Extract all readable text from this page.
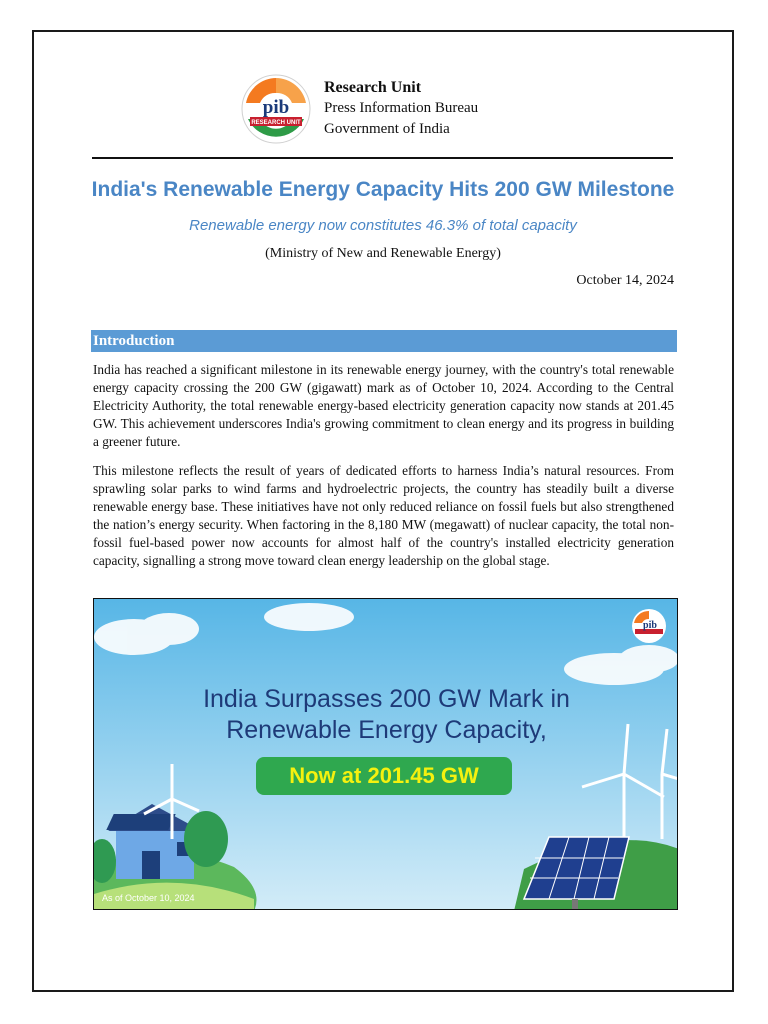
RESEARCH UNIT
pib
Research Unit
Press Information Bureau
Government of India
India's Renewable Energy Capacity Hits 200 GW Milestone
Renewable energy now constitutes 46.3% of total capacity
(Ministry of New and Renewable Energy)
October 14, 2024
Introduction

India has reached a significant milestone in its renewable energy journey, with the country's total renewable energy capacity crossing the 200 GW (gigawatt) mark as of October 10, 2024. According to the Central Electricity Authority, the total renewable energy-based electricity generation capacity now stands at 201.45 GW. This achievement underscores India's growing commitment to clean energy and its progress in building a greener future.

This milestone reflects the result of years of dedicated efforts to harness India’s natural resources. From sprawling solar parks to wind farms and hydroelectric projects, the country has steadily built a diverse renewable energy base. These initiatives have not only reduced reliance on fossil fuels but also strengthened the nation’s energy security. When factoring in the 8,180 MW (megawatt) of nuclear capacity, the total non-fossil fuel-based power now accounts for almost half of the country's installed electricity generation capacity, signalling a strong move toward clean energy leadership on the global stage.

pib
India Surpasses 200 GW Mark in
Renewable Energy Capacity,
Now at 201.45 GW
As of October 10, 2024
